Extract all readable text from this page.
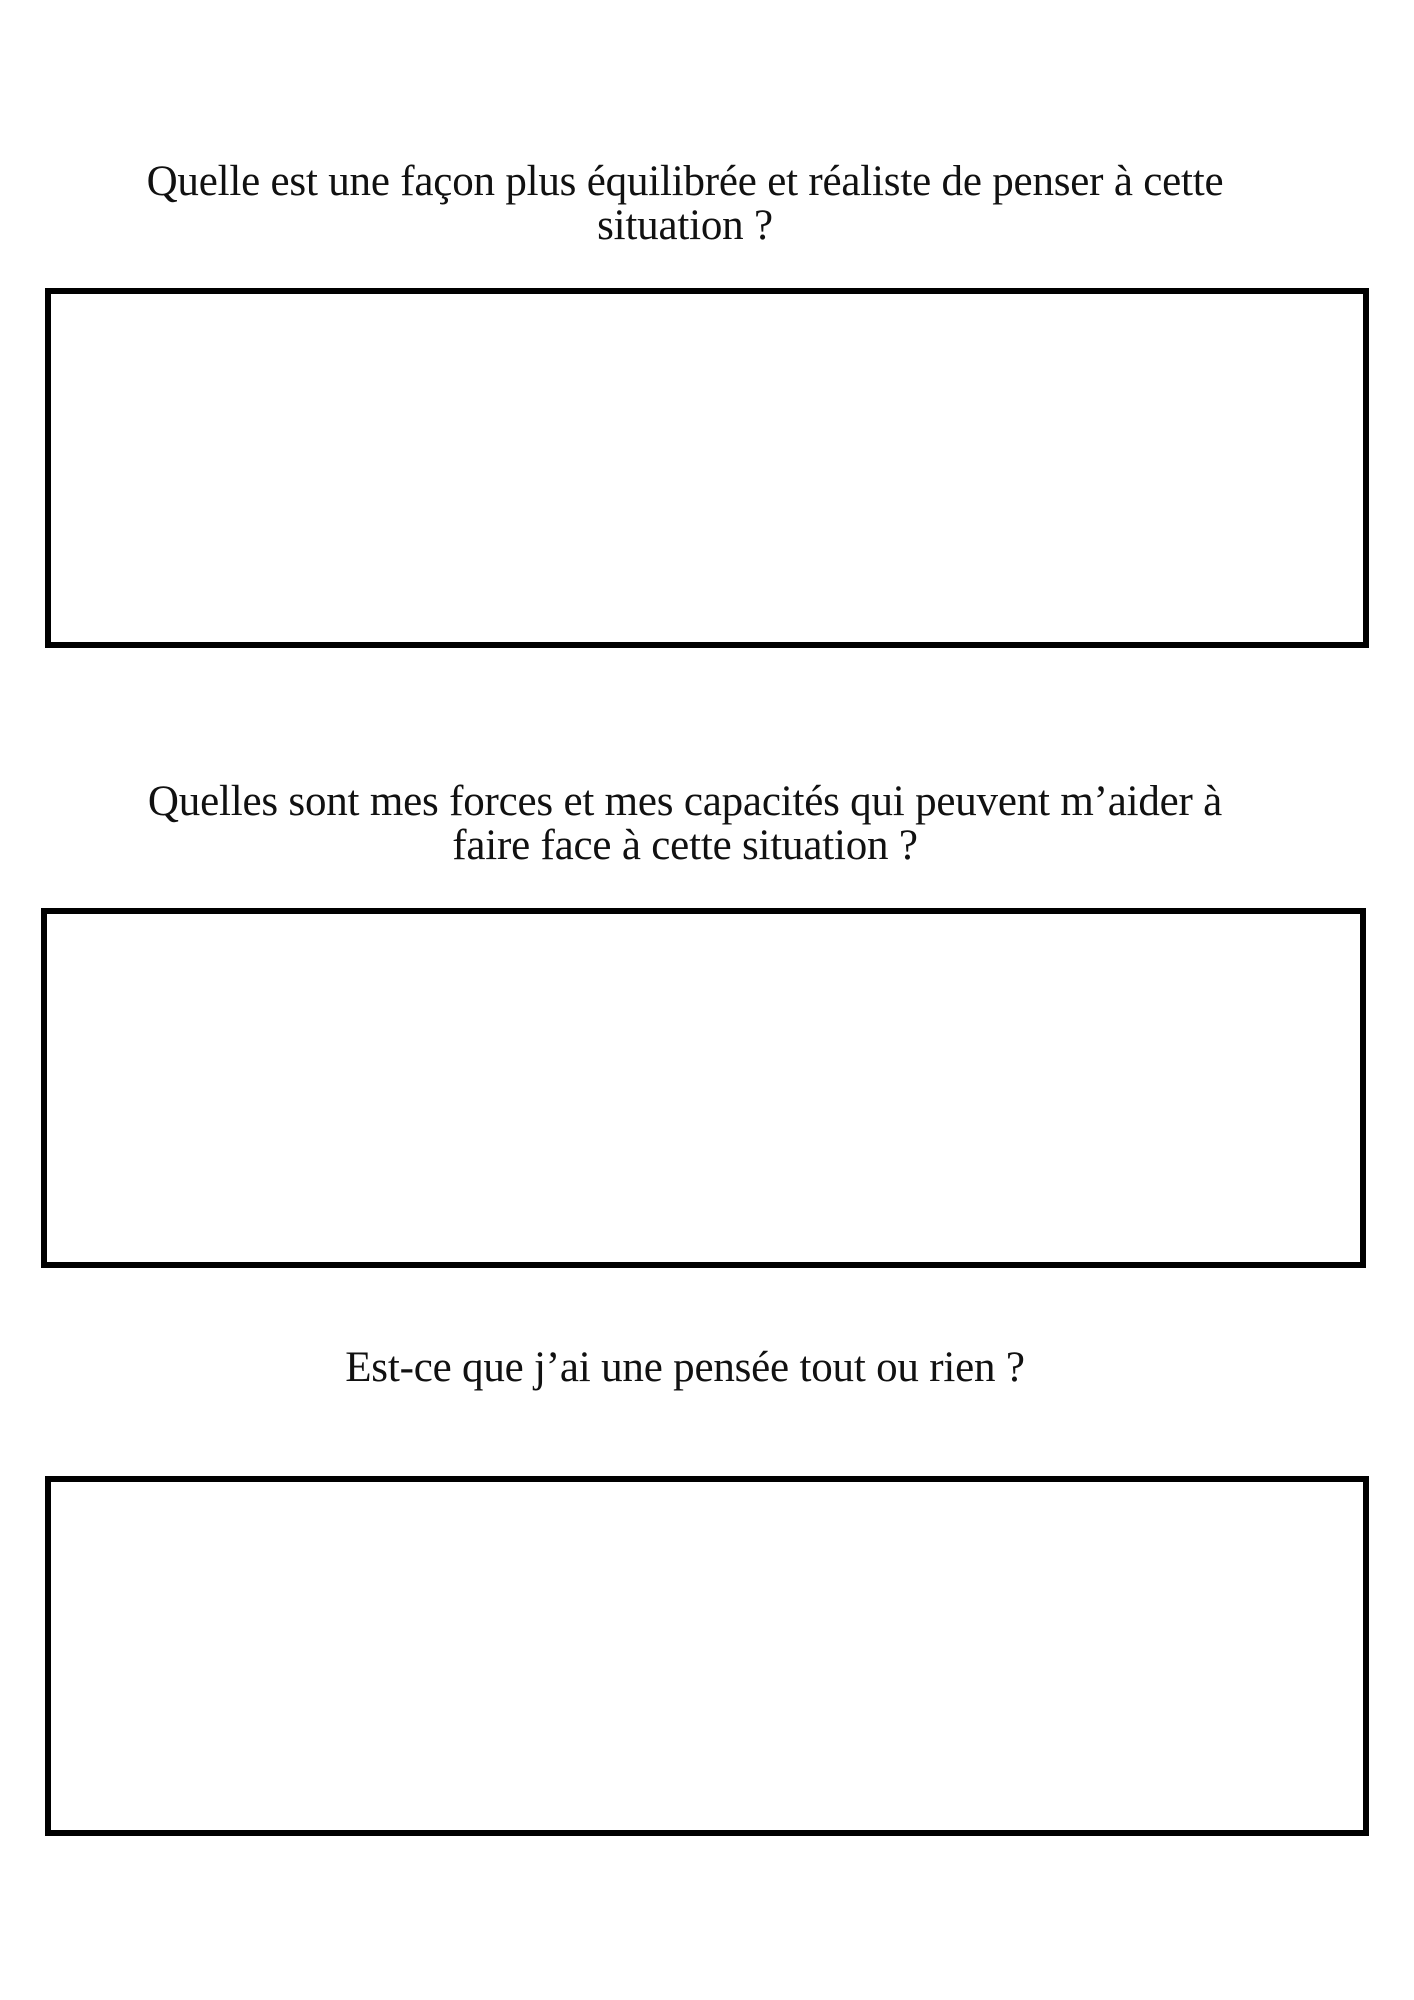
Quelle est une façon plus équilibrée et réaliste de penser à cette
situation ?
Quelles sont mes forces et mes capacités qui peuvent m’aider à
faire face à cette situation ?
Est-ce que j’ai une pensée tout ou rien ?
